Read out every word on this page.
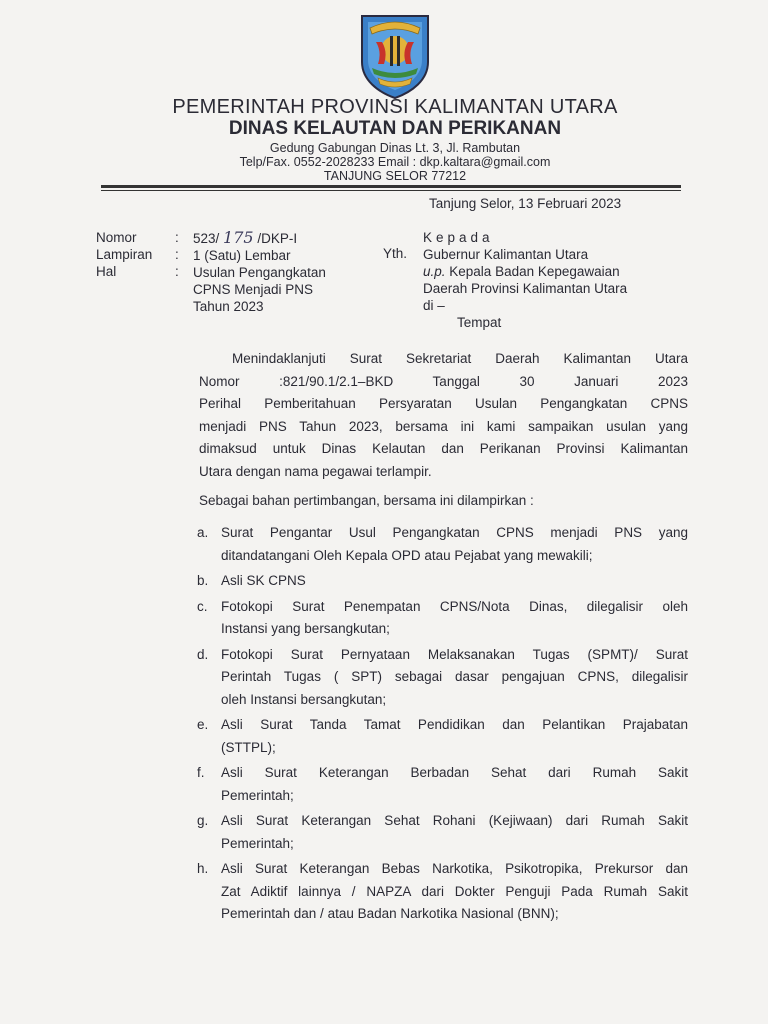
PEMERINTAH PROVINSI KALIMANTAN UTARA
DINAS KELAUTAN DAN PERIKANAN
Gedung Gabungan Dinas Lt. 3, Jl. Rambutan
Telp/Fax. 0552-2028233 Email : dkp.kaltara@gmail.com
TANJUNG SELOR 77212
Tanjung Selor, 13 Februari 2023
Nomor
Lampiran
Hal
:
:
:
523/ 175 /DKP-I
1 (Satu) Lembar
Usulan Pengangkatan
CPNS Menjadi PNS
Tahun 2023
Yth.
Kepada
Gubernur Kalimantan Utara
u.p. Kepala Badan Kepegawaian
Daerah Provinsi Kalimantan Utara
di –
Tempat
Menindaklanjuti Surat Sekretariat Daerah Kalimantan Utara
Nomor :821/90.1/2.1–BKD Tanggal 30 Januari 2023
Perihal Pemberitahuan Persyaratan Usulan Pengangkatan CPNS
menjadi PNS Tahun 2023, bersama ini kami sampaikan usulan yang
dimaksud untuk Dinas Kelautan dan Perikanan Provinsi Kalimantan
Utara dengan nama pegawai terlampir.
Sebagai bahan pertimbangan, bersama ini dilampirkan :
a. Surat Pengantar Usul Pengangkatan CPNS menjadi PNS yang
ditandatangani Oleh Kepala OPD atau Pejabat yang mewakili;
b. Asli SK CPNS
c. Fotokopi Surat Penempatan CPNS/Nota Dinas, dilegalisir oleh
Instansi yang bersangkutan;
d. Fotokopi Surat Pernyataan Melaksanakan Tugas (SPMT)/ Surat
Perintah Tugas ( SPT) sebagai dasar pengajuan CPNS, dilegalisir
oleh Instansi bersangkutan;
e. Asli Surat Tanda Tamat Pendidikan dan Pelantikan Prajabatan
(STTPL);
f.	Asli Surat Keterangan Berbadan Sehat dari Rumah Sakit
Pemerintah;
g. Asli Surat Keterangan Sehat Rohani (Kejiwaan) dari Rumah Sakit
Pemerintah;
h. Asli Surat Keterangan Bebas Narkotika, Psikotropika, Prekursor dan
Zat Adiktif lainnya / NAPZA dari Dokter Penguji Pada Rumah Sakit
Pemerintah dan / atau Badan Narkotika Nasional (BNN);
